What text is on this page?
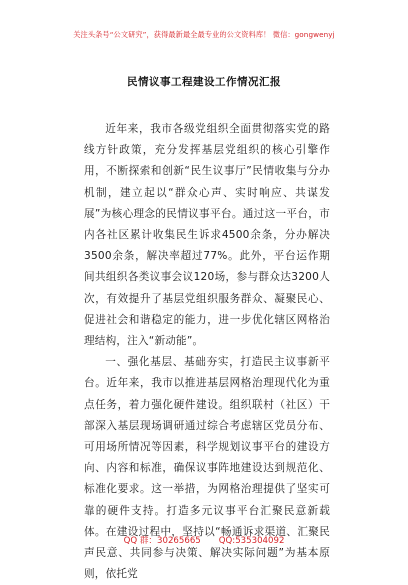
关注头条号“公文研究”，获得最新最全最专业的公文资料库！ 微信：gongwenyj
民情议事工程建设工作情况汇报

近年来，我市各级党组织全面贯彻落实党的路线方针政策，充分发挥基层党组织的核心引擎作用，不断探索和创新“民生议事厅”民情收集与分办机制，建立起以“群众心声、实时响应、共谋发展”为核心理念的民情议事平台。通过这一平台，市内各社区累计收集民生诉求4500余条，分办解决3500余条，解决率超过77%。此外，平台运作期间共组织各类议事会议120场，参与群众达3200人次，有效提升了基层党组织服务群众、凝聚民心、促进社会和谐稳定的能力，进一步优化辖区网格治理结构，注入“新动能”。

一、强化基层、基础夯实，打造民主议事新平台。近年来，我市以推进基层网格治理现代化为重点任务，着力强化硬件建设。组织联村（社区）干部深入基层现场调研通过综合考虑辖区党员分布、可用场所情况等因素，科学规划议事平台的建设方向、内容和标准，确保议事阵地建设达到规范化、标准化要求。这一举措，为网格治理提供了坚实可靠的硬件支持。打造多元议事平台汇聚民意新载体。在建设过程中，坚持以“畅通诉求渠道、汇聚民声民意、共同参与决策、解决实际问题”为基本原则，依托党

QQ 群：30265665 QQ:535304092
